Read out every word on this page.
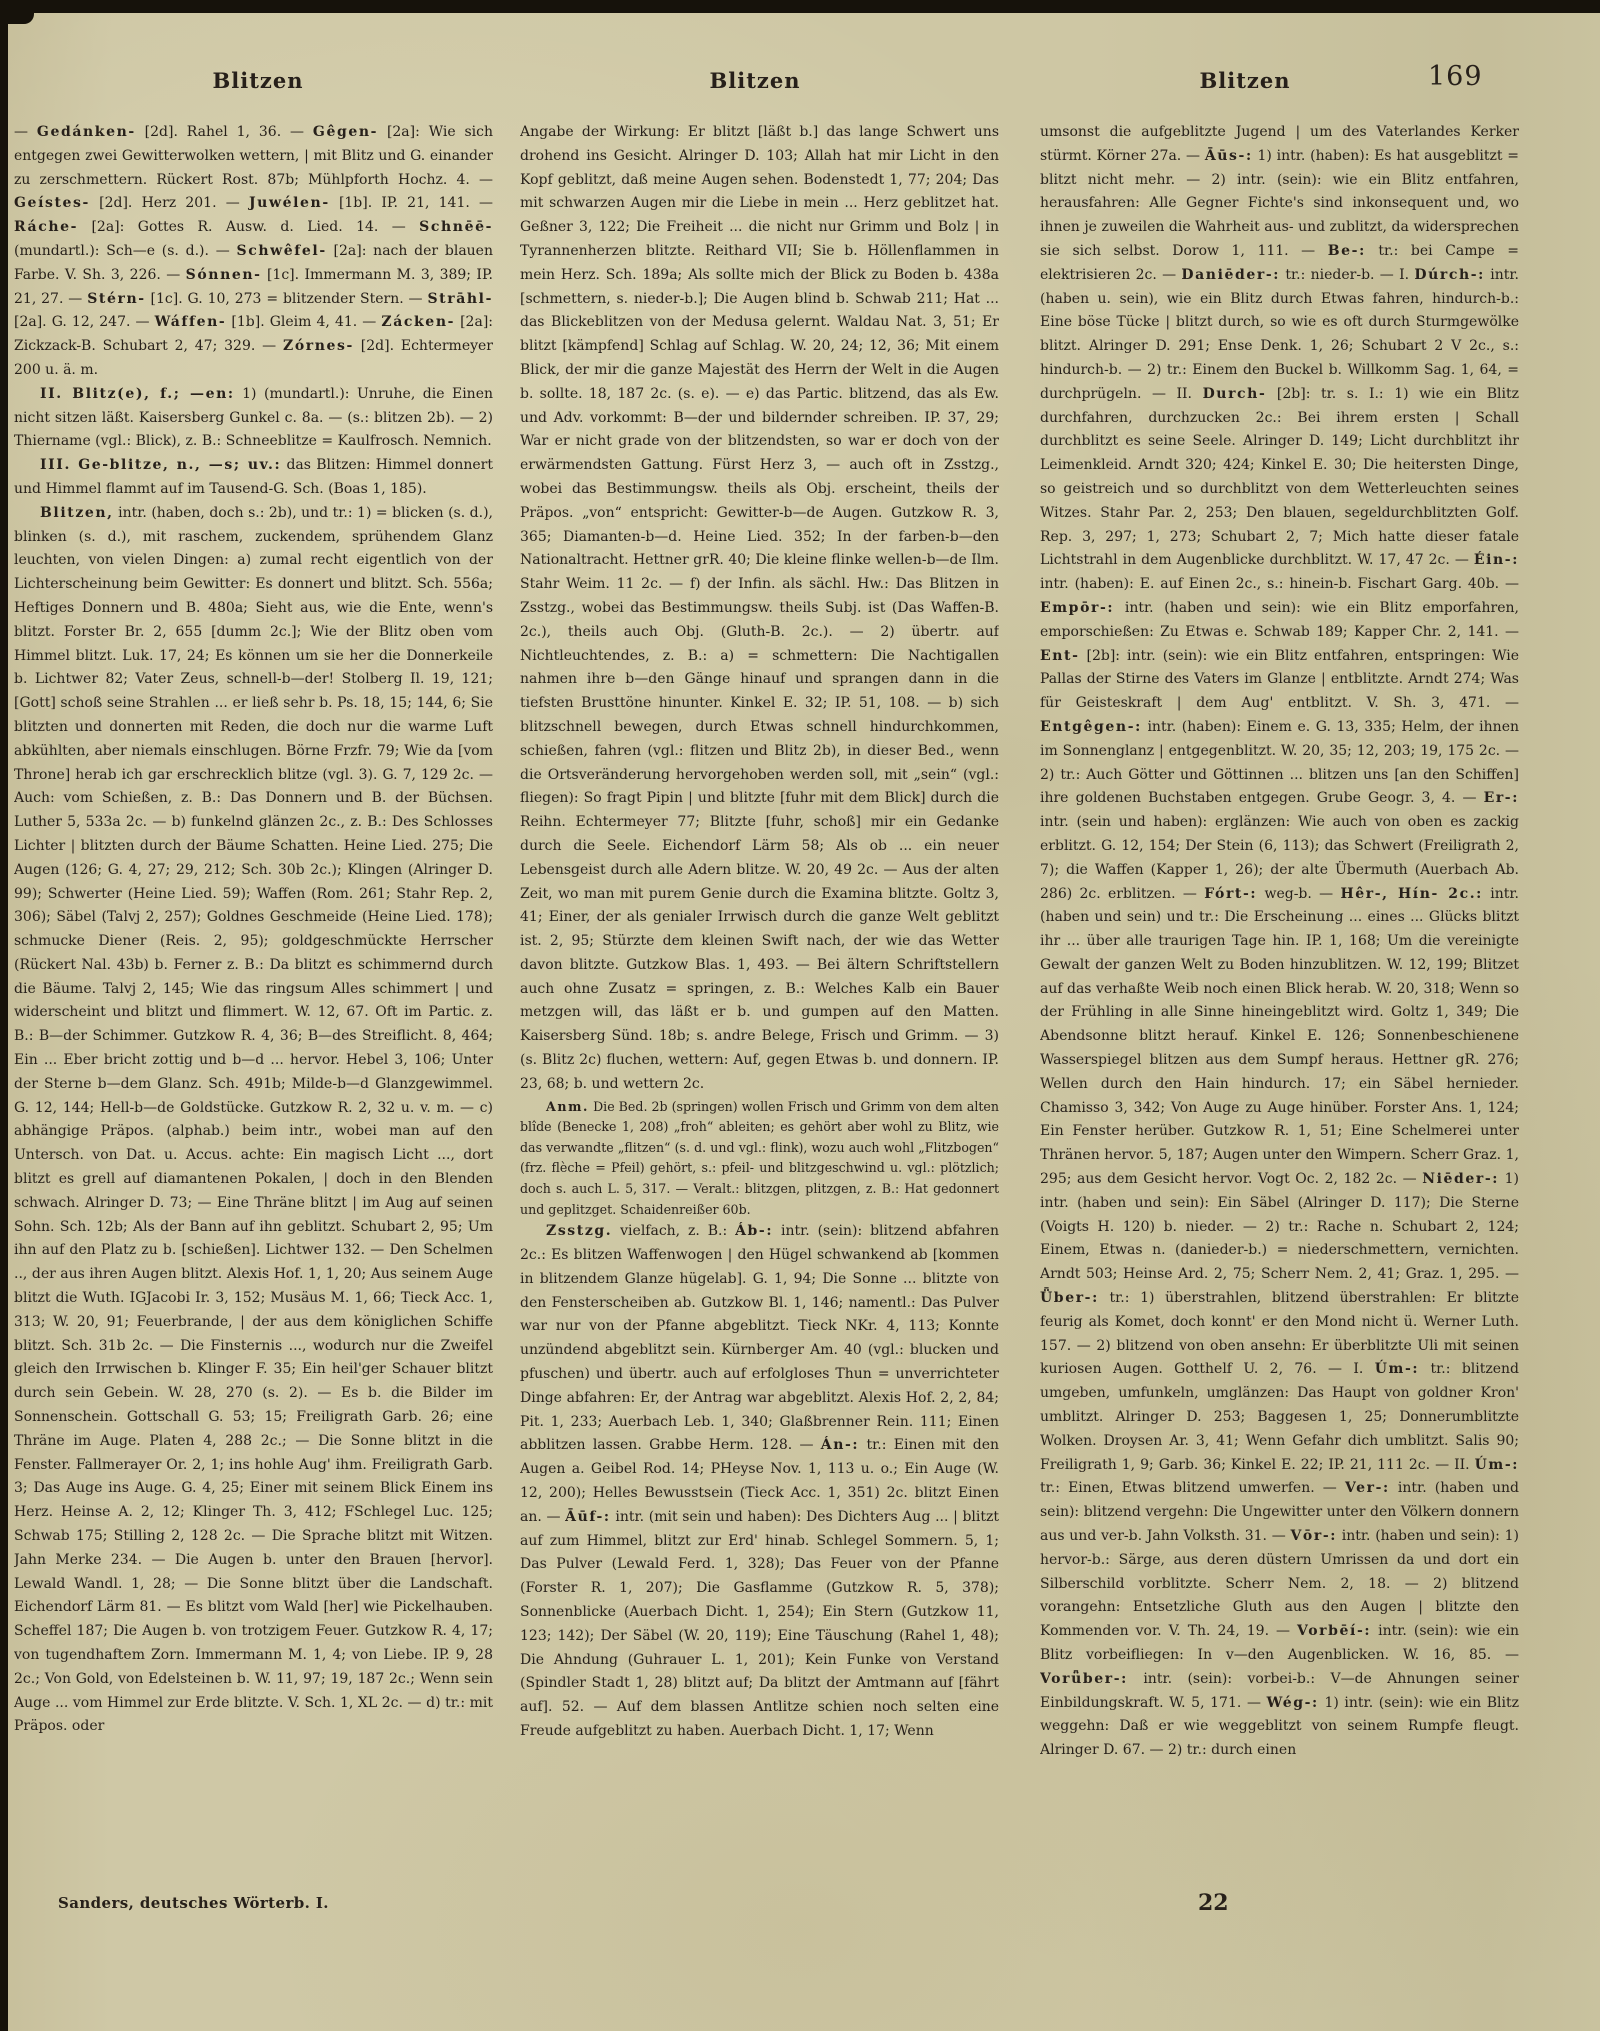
Blitzen	Blitzen	Blitzen	169

— Gedánken- [2d]. Rahel 1, 36. — Gêgen- [2a]: Wie sich entgegen zwei Gewitterwolken wettern, | mit Blitz und G. einander zu zerschmettern. Rückert Rost. 87b; Mühlpforth Hochz. 4. — Geístes- [2d]. Herz 201. — Juwélen- [1b]. IP. 21, 141. — Ráche- [2a]: Gottes R. Ausw. d. Lied. 14. — Schnēē- (mundartl.): Sch—e (s. d.). — Schwêfel- [2a]: nach der blauen Farbe. V. Sh. 3, 226. — Sónnen- [1c]. Immermann M. 3, 389; IP. 21, 27. — Stérn- [1c]. G. 10, 273 = blitzender Stern. — Strāhl- [2a]. G. 12, 247. — Wáffen- [1b]. Gleim 4, 41. — Zácken- [2a]: Zickzack-B. Schubart 2, 47; 329. — Zórnes- [2d]. Echtermeyer 200 u. ä. m.

II. Blitz(e), f.; —en: 1) (mundartl.): Unruhe, die Einen nicht sitzen läßt. Kaisersberg Gunkel c. 8a. — (s.: blitzen 2b). — 2) Thiername (vgl.: Blick), z. B.: Schneeblitze = Kaulfrosch. Nemnich.

III. Ge-blitze, n., —s; uv.: das Blitzen: Himmel donnert und Himmel flammt auf im Tausend-G. Sch. (Boas 1, 185).

Blitzen, intr. (haben, doch s.: 2b), und tr.: 1) = blicken (s. d.), blinken (s. d.), mit raschem, zuckendem, sprühendem Glanz leuchten, von vielen Dingen: a) zumal recht eigentlich von der Lichterscheinung beim Gewitter: Es donnert und blitzt. Sch. 556a; Heftiges Donnern und B. 480a; Sieht aus, wie die Ente, wenn's blitzt. Forster Br. 2, 655 [dumm 2c.]; Wie der Blitz oben vom Himmel blitzt. Luk. 17, 24; Es können um sie her die Donnerkeile b. Lichtwer 82; Vater Zeus, schnell-b—der! Stolberg Il. 19, 121; [Gott] schoß seine Strahlen ... er ließ sehr b. Ps. 18, 15; 144, 6; Sie blitzten und donnerten mit Reden, die doch nur die warme Luft abkühlten, aber niemals einschlugen. Börne Frzfr. 79; Wie da [vom Throne] herab ich gar erschrecklich blitze (vgl. 3). G. 7, 129 2c. — Auch: vom Schießen, z. B.: Das Donnern und B. der Büchsen. Luther 5, 533a 2c. — b) funkelnd glänzen 2c., z. B.: Des Schlosses Lichter | blitzten durch der Bäume Schatten. Heine Lied. 275; Die Augen (126; G. 4, 27; 29, 212; Sch. 30b 2c.); Klingen (Alringer D. 99); Schwerter (Heine Lied. 59); Waffen (Rom. 261; Stahr Rep. 2, 306); Säbel (Talvj 2, 257); Goldnes Geschmeide (Heine Lied. 178); schmucke Diener (Reis. 2, 95); goldgeschmückte Herrscher (Rückert Nal. 43b) b. Ferner z. B.: Da blitzt es schimmernd durch die Bäume. Talvj 2, 145; Wie das ringsum Alles schimmert | und widerscheint und blitzt und flimmert. W. 12, 67. Oft im Partic. z. B.: B—der Schimmer. Gutzkow R. 4, 36; B—des Streiflicht. 8, 464; Ein ... Eber bricht zottig und b—d ... hervor. Hebel 3, 106; Unter der Sterne b—dem Glanz. Sch. 491b; Milde-b—d Glanzgewimmel. G. 12, 144; Hell-b—de Goldstücke. Gutzkow R. 2, 32 u. v. m. — c) abhängige Präpos. (alphab.) beim intr., wobei man auf den Untersch. von Dat. u. Accus. achte: Ein magisch Licht ..., dort blitzt es grell auf diamantenen Pokalen, | doch in den Blenden schwach. Alringer D. 73; — Eine Thräne blitzt | im Aug auf seinen Sohn. Sch. 12b; Als der Bann auf ihn geblitzt. Schubart 2, 95; Um ihn auf den Platz zu b. [schießen]. Lichtwer 132. — Den Schelmen .., der aus ihren Augen blitzt. Alexis Hof. 1, 1, 20; Aus seinem Auge blitzt die Wuth. IGJacobi Ir. 3, 152; Musäus M. 1, 66; Tieck Acc. 1, 313; W. 20, 91; Feuerbrande, | der aus dem königlichen Schiffe blitzt. Sch. 31b 2c. — Die Finsternis ..., wodurch nur die Zweifel gleich den Irrwischen b. Klinger F. 35; Ein heil'ger Schauer blitzt durch sein Gebein. W. 28, 270 (s. 2). — Es b. die Bilder im Sonnenschein. Gottschall G. 53; 15; Freiligrath Garb. 26; eine Thräne im Auge. Platen 4, 288 2c.; — Die Sonne blitzt in die Fenster. Fallmerayer Or. 2, 1; ins hohle Aug' ihm. Freiligrath Garb. 3; Das Auge ins Auge. G. 4, 25; Einer mit seinem Blick Einem ins Herz. Heinse A. 2, 12; Klinger Th. 3, 412; FSchlegel Luc. 125; Schwab 175; Stilling 2, 128 2c. — Die Sprache blitzt mit Witzen. Jahn Merke 234. — Die Augen b. unter den Brauen [hervor]. Lewald Wandl. 1, 28; — Die Sonne blitzt über die Landschaft. Eichendorf Lärm 81. — Es blitzt vom Wald [her] wie Pickelhauben. Scheffel 187; Die Augen b. von trotzigem Feuer. Gutzkow R. 4, 17; von tugendhaftem Zorn. Immermann M. 1, 4; von Liebe. IP. 9, 28 2c.; Von Gold, von Edelsteinen b. W. 11, 97; 19, 187 2c.; Wenn sein Auge ... vom Himmel zur Erde blitzte. V. Sch. 1, XL 2c. — d) tr.: mit Präpos. oder

Angabe der Wirkung: Er blitzt [läßt b.] das lange Schwert uns drohend ins Gesicht. Alringer D. 103; Allah hat mir Licht in den Kopf geblitzt, daß meine Augen sehen. Bodenstedt 1, 77; 204; Das mit schwarzen Augen mir die Liebe in mein ... Herz geblitzet hat. Geßner 3, 122; Die Freiheit ... die nicht nur Grimm und Bolz | in Tyrannenherzen blitzte. Reithard VII; Sie b. Höllenflammen in mein Herz. Sch. 189a; Als sollte mich der Blick zu Boden b. 438a [schmettern, s. nieder-b.]; Die Augen blind b. Schwab 211; Hat ... das Blickeblitzen von der Medusa gelernt. Waldau Nat. 3, 51; Er blitzt [kämpfend] Schlag auf Schlag. W. 20, 24; 12, 36; Mit einem Blick, der mir die ganze Majestät des Herrn der Welt in die Augen b. sollte. 18, 187 2c. (s. e). — e) das Partic. blitzend, das als Ew. und Adv. vorkommt: B—der und bildernder schreiben. IP. 37, 29; War er nicht grade von der blitzendsten, so war er doch von der erwärmendsten Gattung. Fürst Herz 3, — auch oft in Zsstzg., wobei das Bestimmungsw. theils als Obj. erscheint, theils der Präpos. „von“ entspricht: Gewitter-b—de Augen. Gutzkow R. 3, 365; Diamanten-b—d. Heine Lied. 352; In der farben-b—den Nationaltracht. Hettner grR. 40; Die kleine flinke wellen-b—de Ilm. Stahr Weim. 11 2c. — f) der Infin. als sächl. Hw.: Das Blitzen in Zsstzg., wobei das Bestimmungsw. theils Subj. ist (Das Waffen-B. 2c.), theils auch Obj. (Gluth-B. 2c.). — 2) übertr. auf Nichtleuchtendes, z. B.: a) = schmettern: Die Nachtigallen nahmen ihre b—den Gänge hinauf und sprangen dann in die tiefsten Brusttöne hinunter. Kinkel E. 32; IP. 51, 108. — b) sich blitzschnell bewegen, durch Etwas schnell hindurchkommen, schießen, fahren (vgl.: flitzen und Blitz 2b), in dieser Bed., wenn die Ortsveränderung hervorgehoben werden soll, mit „sein“ (vgl.: fliegen): So fragt Pipin | und blitzte [fuhr mit dem Blick] durch die Reihn. Echtermeyer 77; Blitzte [fuhr, schoß] mir ein Gedanke durch die Seele. Eichendorf Lärm 58; Als ob ... ein neuer Lebensgeist durch alle Adern blitze. W. 20, 49 2c. — Aus der alten Zeit, wo man mit purem Genie durch die Examina blitzte. Goltz 3, 41; Einer, der als genialer Irrwisch durch die ganze Welt geblitzt ist. 2, 95; Stürzte dem kleinen Swift nach, der wie das Wetter davon blitzte. Gutzkow Blas. 1, 493. — Bei ältern Schriftstellern auch ohne Zusatz = springen, z. B.: Welches Kalb ein Bauer metzgen will, das läßt er b. und gumpen auf den Matten. Kaisersberg Sünd. 18b; s. andre Belege, Frisch und Grimm. — 3) (s. Blitz 2c) fluchen, wettern: Auf, gegen Etwas b. und donnern. IP. 23, 68; b. und wettern 2c.

Anm. Die Bed. 2b (springen) wollen Frisch und Grimm von dem alten blîde (Benecke 1, 208) „froh“ ableiten; es gehört aber wohl zu Blitz, wie das verwandte „flitzen“ (s. d. und vgl.: flink), wozu auch wohl „Flitzbogen“ (frz. flèche = Pfeil) gehört, s.: pfeil- und blitzgeschwind u. vgl.: plötzlich; doch s. auch L. 5, 317. — Veralt.: blitzgen, plitzgen, z. B.: Hat gedonnert und geplitzget. Schaidenreißer 60b.

Zsstzg. vielfach, z. B.: Áb-: intr. (sein): blitzend abfahren 2c.: Es blitzen Waffenwogen | den Hügel schwankend ab [kommen in blitzendem Glanze hügelab]. G. 1, 94; Die Sonne ... blitzte von den Fensterscheiben ab. Gutzkow Bl. 1, 146; namentl.: Das Pulver war nur von der Pfanne abgeblitzt. Tieck NKr. 4, 113; Konnte unzündend abgeblitzt sein. Kürnberger Am. 40 (vgl.: blucken und pfuschen) und übertr. auch auf erfolgloses Thun = unverrichteter Dinge abfahren: Er, der Antrag war abgeblitzt. Alexis Hof. 2, 2, 84; Pit. 1, 233; Auerbach Leb. 1, 340; Glaßbrenner Rein. 111; Einen abblitzen lassen. Grabbe Herm. 128. — Án-: tr.: Einen mit den Augen a. Geibel Rod. 14; PHeyse Nov. 1, 113 u. o.; Ein Auge (W. 12, 200); Helles Bewusstsein (Tieck Acc. 1, 351) 2c. blitzt Einen an. — Āūf-: intr. (mit sein und haben): Des Dichters Aug ... | blitzt auf zum Himmel, blitzt zur Erd' hinab. Schlegel Sommern. 5, 1; Das Pulver (Lewald Ferd. 1, 328); Das Feuer von der Pfanne (Forster R. 1, 207); Die Gasflamme (Gutzkow R. 5, 378); Sonnenblicke (Auerbach Dicht. 1, 254); Ein Stern (Gutzkow 11, 123; 142); Der Säbel (W. 20, 119); Eine Täuschung (Rahel 1, 48); Die Ahndung (Guhrauer L. 1, 201); Kein Funke von Verstand (Spindler Stadt 1, 28) blitzt auf; Da blitzt der Amtmann auf [fährt auf]. 52. — Auf dem blassen Antlitze schien noch selten eine Freude aufgeblitzt zu haben. Auerbach Dicht. 1, 17; Wenn

umsonst die aufgeblitzte Jugend | um des Vaterlandes Kerker stürmt. Körner 27a. — Āūs-: 1) intr. (haben): Es hat ausgeblitzt = blitzt nicht mehr. — 2) intr. (sein): wie ein Blitz entfahren, herausfahren: Alle Gegner Fichte's sind inkonsequent und, wo ihnen je zuweilen die Wahrheit aus- und zublitzt, da widersprechen sie sich selbst. Dorow 1, 111. — Be-: tr.: bei Campe = elektrisieren 2c. — Daniēder-: tr.: nieder-b. — I. Dúrch-: intr. (haben u. sein), wie ein Blitz durch Etwas fahren, hindurch-b.: Eine böse Tücke | blitzt durch, so wie es oft durch Sturmgewölke blitzt. Alringer D. 291; Ense Denk. 1, 26; Schubart 2 V 2c., s.: hindurch-b. — 2) tr.: Einem den Buckel b. Willkomm Sag. 1, 64, = durchprügeln. — II. Durch- [2b]: tr. s. I.: 1) wie ein Blitz durchfahren, durchzucken 2c.: Bei ihrem ersten | Schall durchblitzt es seine Seele. Alringer D. 149; Licht durchblitzt ihr Leimenkleid. Arndt 320; 424; Kinkel E. 30; Die heitersten Dinge, so geistreich und so durchblitzt von dem Wetterleuchten seines Witzes. Stahr Par. 2, 253; Den blauen, segeldurchblitzten Golf. Rep. 3, 297; 1, 273; Schubart 2, 7; Mich hatte dieser fatale Lichtstrahl in dem Augenblicke durchblitzt. W. 17, 47 2c. — Éin-: intr. (haben): E. auf Einen 2c., s.: hinein-b. Fischart Garg. 40b. — Empōr-: intr. (haben und sein): wie ein Blitz emporfahren, emporschießen: Zu Etwas e. Schwab 189; Kapper Chr. 2, 141. — Ent- [2b]: intr. (sein): wie ein Blitz entfahren, entspringen: Wie Pallas der Stirne des Vaters im Glanze | entblitzte. Arndt 274; Was für Geisteskraft | dem Aug' entblitzt. V. Sh. 3, 471. — Entgêgen-: intr. (haben): Einem e. G. 13, 335; Helm, der ihnen im Sonnenglanz | entgegenblitzt. W. 20, 35; 12, 203; 19, 175 2c. — 2) tr.: Auch Götter und Göttinnen ... blitzen uns [an den Schiffen] ihre goldenen Buchstaben entgegen. Grube Geogr. 3, 4. — Er-: intr. (sein und haben): erglänzen: Wie auch von oben es zackig erblitzt. G. 12, 154; Der Stein (6, 113); das Schwert (Freiligrath 2, 7); die Waffen (Kapper 1, 26); der alte Übermuth (Auerbach Ab. 286) 2c. erblitzen. — Fórt-: weg-b. — Hêr-, Hín- 2c.: intr. (haben und sein) und tr.: Die Erscheinung ... eines ... Glücks blitzt ihr ... über alle traurigen Tage hin. IP. 1, 168; Um die vereinigte Gewalt der ganzen Welt zu Boden hinzublitzen. W. 12, 199; Blitzet auf das verhaßte Weib noch einen Blick herab. W. 20, 318; Wenn so der Frühling in alle Sinne hineingeblitzt wird. Goltz 1, 349; Die Abendsonne blitzt herauf. Kinkel E. 126; Sonnenbeschienene Wasserspiegel blitzen aus dem Sumpf heraus. Hettner gR. 276; Wellen durch den Hain hindurch. 17; ein Säbel hernieder. Chamisso 3, 342; Von Auge zu Auge hinüber. Forster Ans. 1, 124; Ein Fenster herüber. Gutzkow R. 1, 51; Eine Schelmerei unter Thränen hervor. 5, 187; Augen unter den Wimpern. Scherr Graz. 1, 295; aus dem Gesicht hervor. Vogt Oc. 2, 182 2c. — Niēder-: 1) intr. (haben und sein): Ein Säbel (Alringer D. 117); Die Sterne (Voigts H. 120) b. nieder. — 2) tr.: Rache n. Schubart 2, 124; Einem, Etwas n. (danieder-b.) = niederschmettern, vernichten. Arndt 503; Heinse Ard. 2, 75; Scherr Nem. 2, 41; Graz. 1, 295. — Ǖber-: tr.: 1) überstrahlen, blitzend überstrahlen: Er blitzte feurig als Komet, doch konnt' er den Mond nicht ü. Werner Luth. 157. — 2) blitzend von oben ansehn: Er überblitzte Uli mit seinen kuriosen Augen. Gotthelf U. 2, 76. — I. Úm-: tr.: blitzend umgeben, umfunkeln, umglänzen: Das Haupt von goldner Kron' umblitzt. Alringer D. 253; Baggesen 1, 25; Donnerumblitzte Wolken. Droysen Ar. 3, 41; Wenn Gefahr dich umblitzt. Salis 90; Freiligrath 1, 9; Garb. 36; Kinkel E. 22; IP. 21, 111 2c. — II. Úm-: tr.: Einen, Etwas blitzend umwerfen. — Ver-: intr. (haben und sein): blitzend vergehn: Die Ungewitter unter den Völkern donnern aus und ver-b. Jahn Volksth. 31. — Vōr-: intr. (haben und sein): 1) hervor-b.: Särge, aus deren düstern Umrissen da und dort ein Silberschild vorblitzte. Scherr Nem. 2, 18. — 2) blitzend vorangehn: Entsetzliche Gluth aus den Augen | blitzte den Kommenden vor. V. Th. 24, 19. — Vorbēí-: intr. (sein): wie ein Blitz vorbeifliegen: In v—den Augenblicken. W. 16, 85. — Vorǖber-: intr. (sein): vorbei-b.: V—de Ahnungen seiner Einbildungskraft. W. 5, 171. — Wég-: 1) intr. (sein): wie ein Blitz weggehn: Daß er wie weggeblitzt von seinem Rumpfe fleugt. Alringer D. 67. — 2) tr.: durch einen

Sanders, deutsches Wörterb. I.	22
